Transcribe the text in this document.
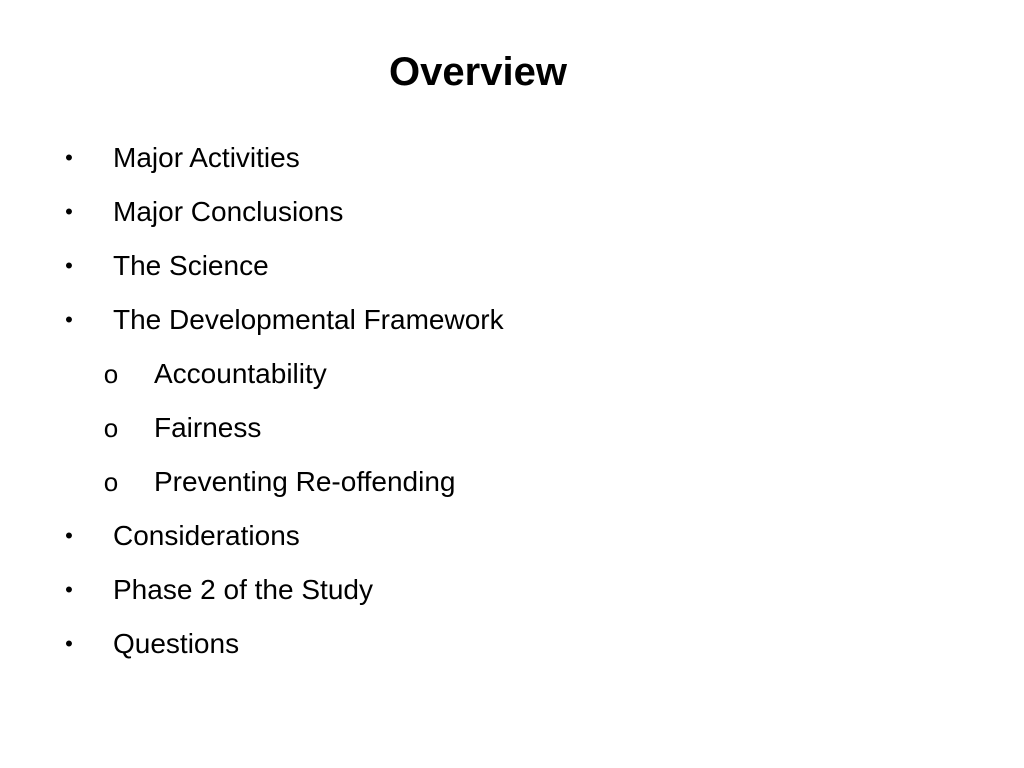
Overview
• Major Activities
• Major Conclusions
• The Science
• The Developmental Framework
o Accountability
o Fairness
o Preventing Re-offending
• Considerations
• Phase 2 of the Study
• Questions
